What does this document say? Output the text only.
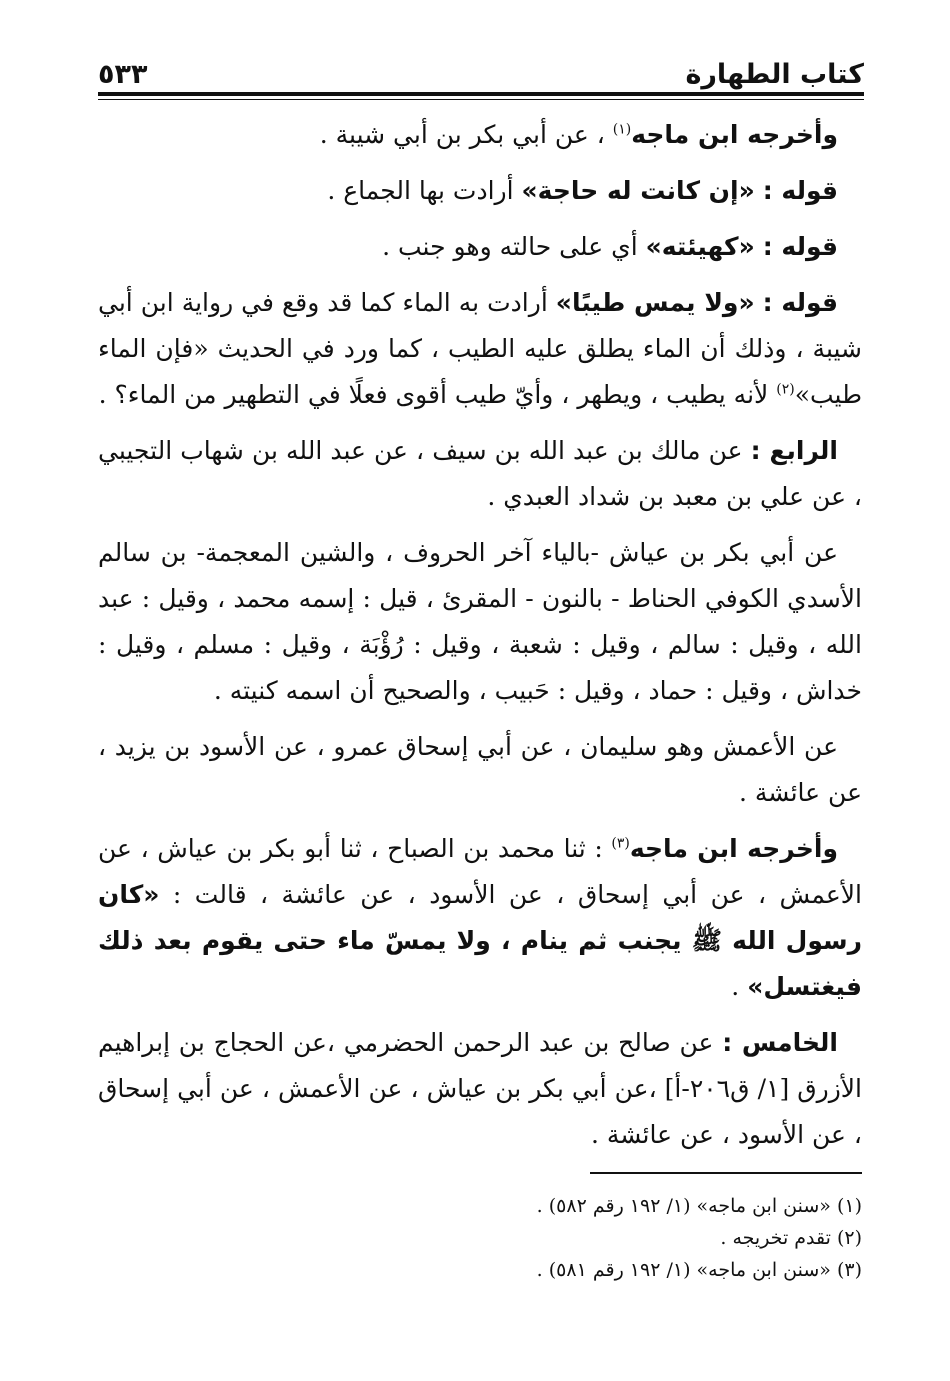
كتاب الطهارة
٥٣٣

وأخرجه ابن ماجه$^{(١)}$ ، عن أبي بكر بن أبي شيبة .

قوله : «إن كانت له حاجة» أرادت بها الجماع .

قوله : «كهيئته» أي على حالته وهو جنب .

قوله : «ولا يمس طيبًا» أرادت به الماء كما قد وقع في رواية ابن أبي شيبة ، وذلك أن الماء يطلق عليه الطيب ، كما ورد في الحديث «فإن الماء طيب»$^{(٢)}$ لأنه يطيب ، ويطهر ، وأيّ طيب أقوى فعلًا في التطهير من الماء؟ .

الرابع : عن مالك بن عبد الله بن سيف ، عن عبد الله بن شهاب التجيبي ، عن علي بن معبد بن شداد العبدي .

عن أبي بكر بن عياش -بالياء آخر الحروف ، والشين المعجمة- بن سالم الأسدي الكوفي الحناط - بالنون - المقرئ ، قيل : إسمه محمد ، وقيل : عبد الله ، وقيل : سالم ، وقيل : شعبة ، وقيل : رُؤْبَة ، وقيل : مسلم ، وقيل : خداش ، وقيل : حماد ، وقيل : حَبيب ، والصحيح أن اسمه كنيته .

عن الأعمش وهو سليمان ، عن أبي إسحاق عمرو ، عن الأسود بن يزيد ، عن عائشة .

وأخرجه ابن ماجه$^{(٣)}$ : ثنا محمد بن الصباح ، ثنا أبو بكر بن عياش ، عن الأعمش ، عن أبي إسحاق ، عن الأسود ، عن عائشة ، قالت : «كان رسول الله ﷺ يجنب ثم ينام ، ولا يمسّ ماء حتى يقوم بعد ذلك فيغتسل» .

الخامس : عن صالح بن عبد الرحمن الحضرمي ،عن الحجاج بن إبراهيم الأزرق [١/ ق٢٠٦-أ] ،عن أبي بكر بن عياش ، عن الأعمش ، عن أبي إسحاق ، عن الأسود ، عن عائشة .

(١) «سنن ابن ماجه» (١/ ١٩٢ رقم ٥٨٢) .

(٢) تقدم تخريجه .

(٣) «سنن ابن ماجه» (١/ ١٩٢ رقم ٥٨١) .
